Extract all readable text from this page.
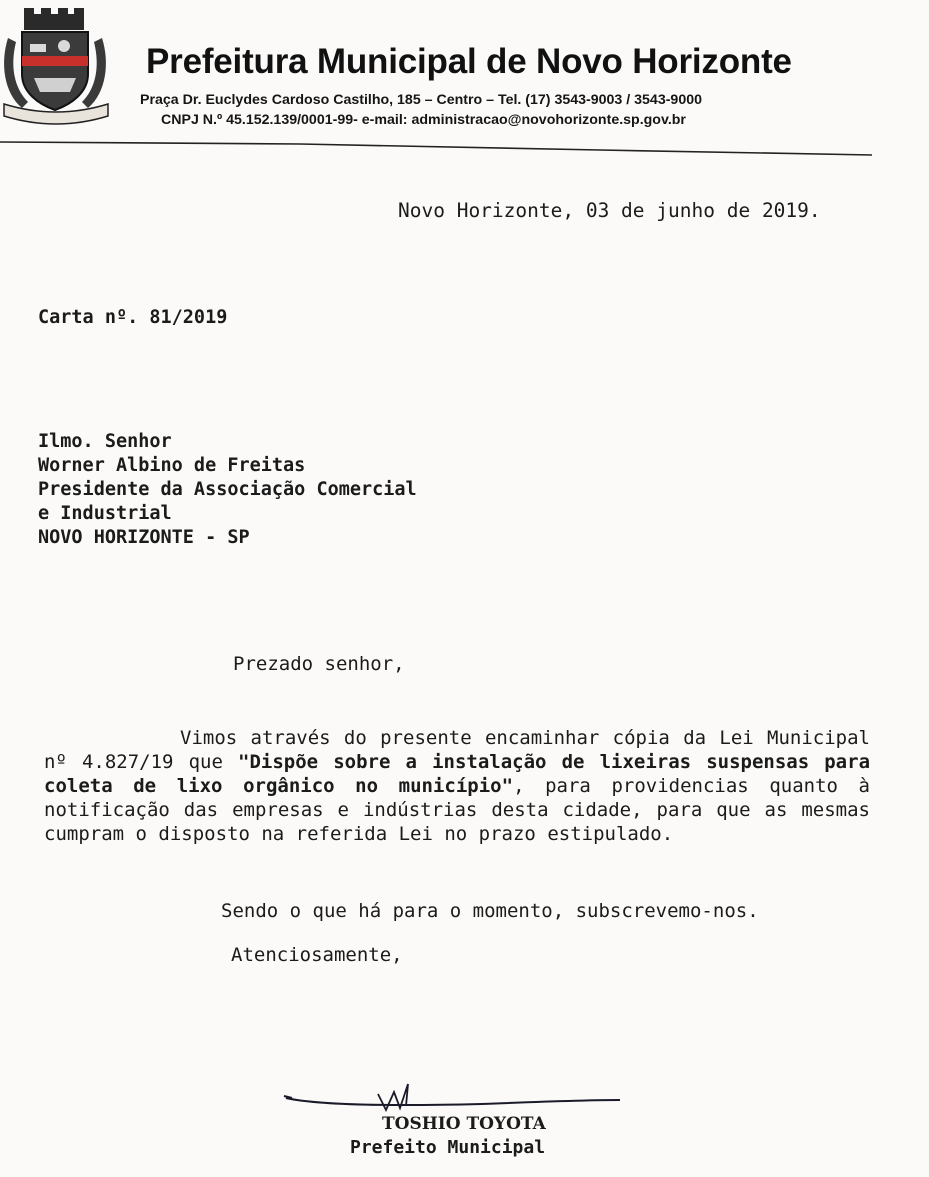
Prefeitura Municipal de Novo Horizonte
Praça Dr. Euclydes Cardoso Castilho, 185 – Centro – Tel. (17) 3543-9003 / 3543-9000
CNPJ N.º 45.152.139/0001-99- e-mail: administracao@novohorizonte.sp.gov.br
Novo Horizonte, 03 de junho de 2019.
Carta nº. 81/2019
Ilmo. Senhor
Worner Albino de Freitas
Presidente da Associação Comercial
e Industrial
NOVO HORIZONTE - SP
Prezado senhor,
Vimos através do presente encaminhar cópia da Lei Municipal nº 4.827/19 que "Dispõe sobre a instalação de lixeiras suspensas para coleta de lixo orgânico no município", para providencias quanto à notificação das empresas e indústrias desta cidade, para que as mesmas cumpram o disposto na referida Lei no prazo estipulado.
Sendo o que há para o momento, subscrevemo-nos.
Atenciosamente,
TOSHIO TOYOTA
Prefeito Municipal
